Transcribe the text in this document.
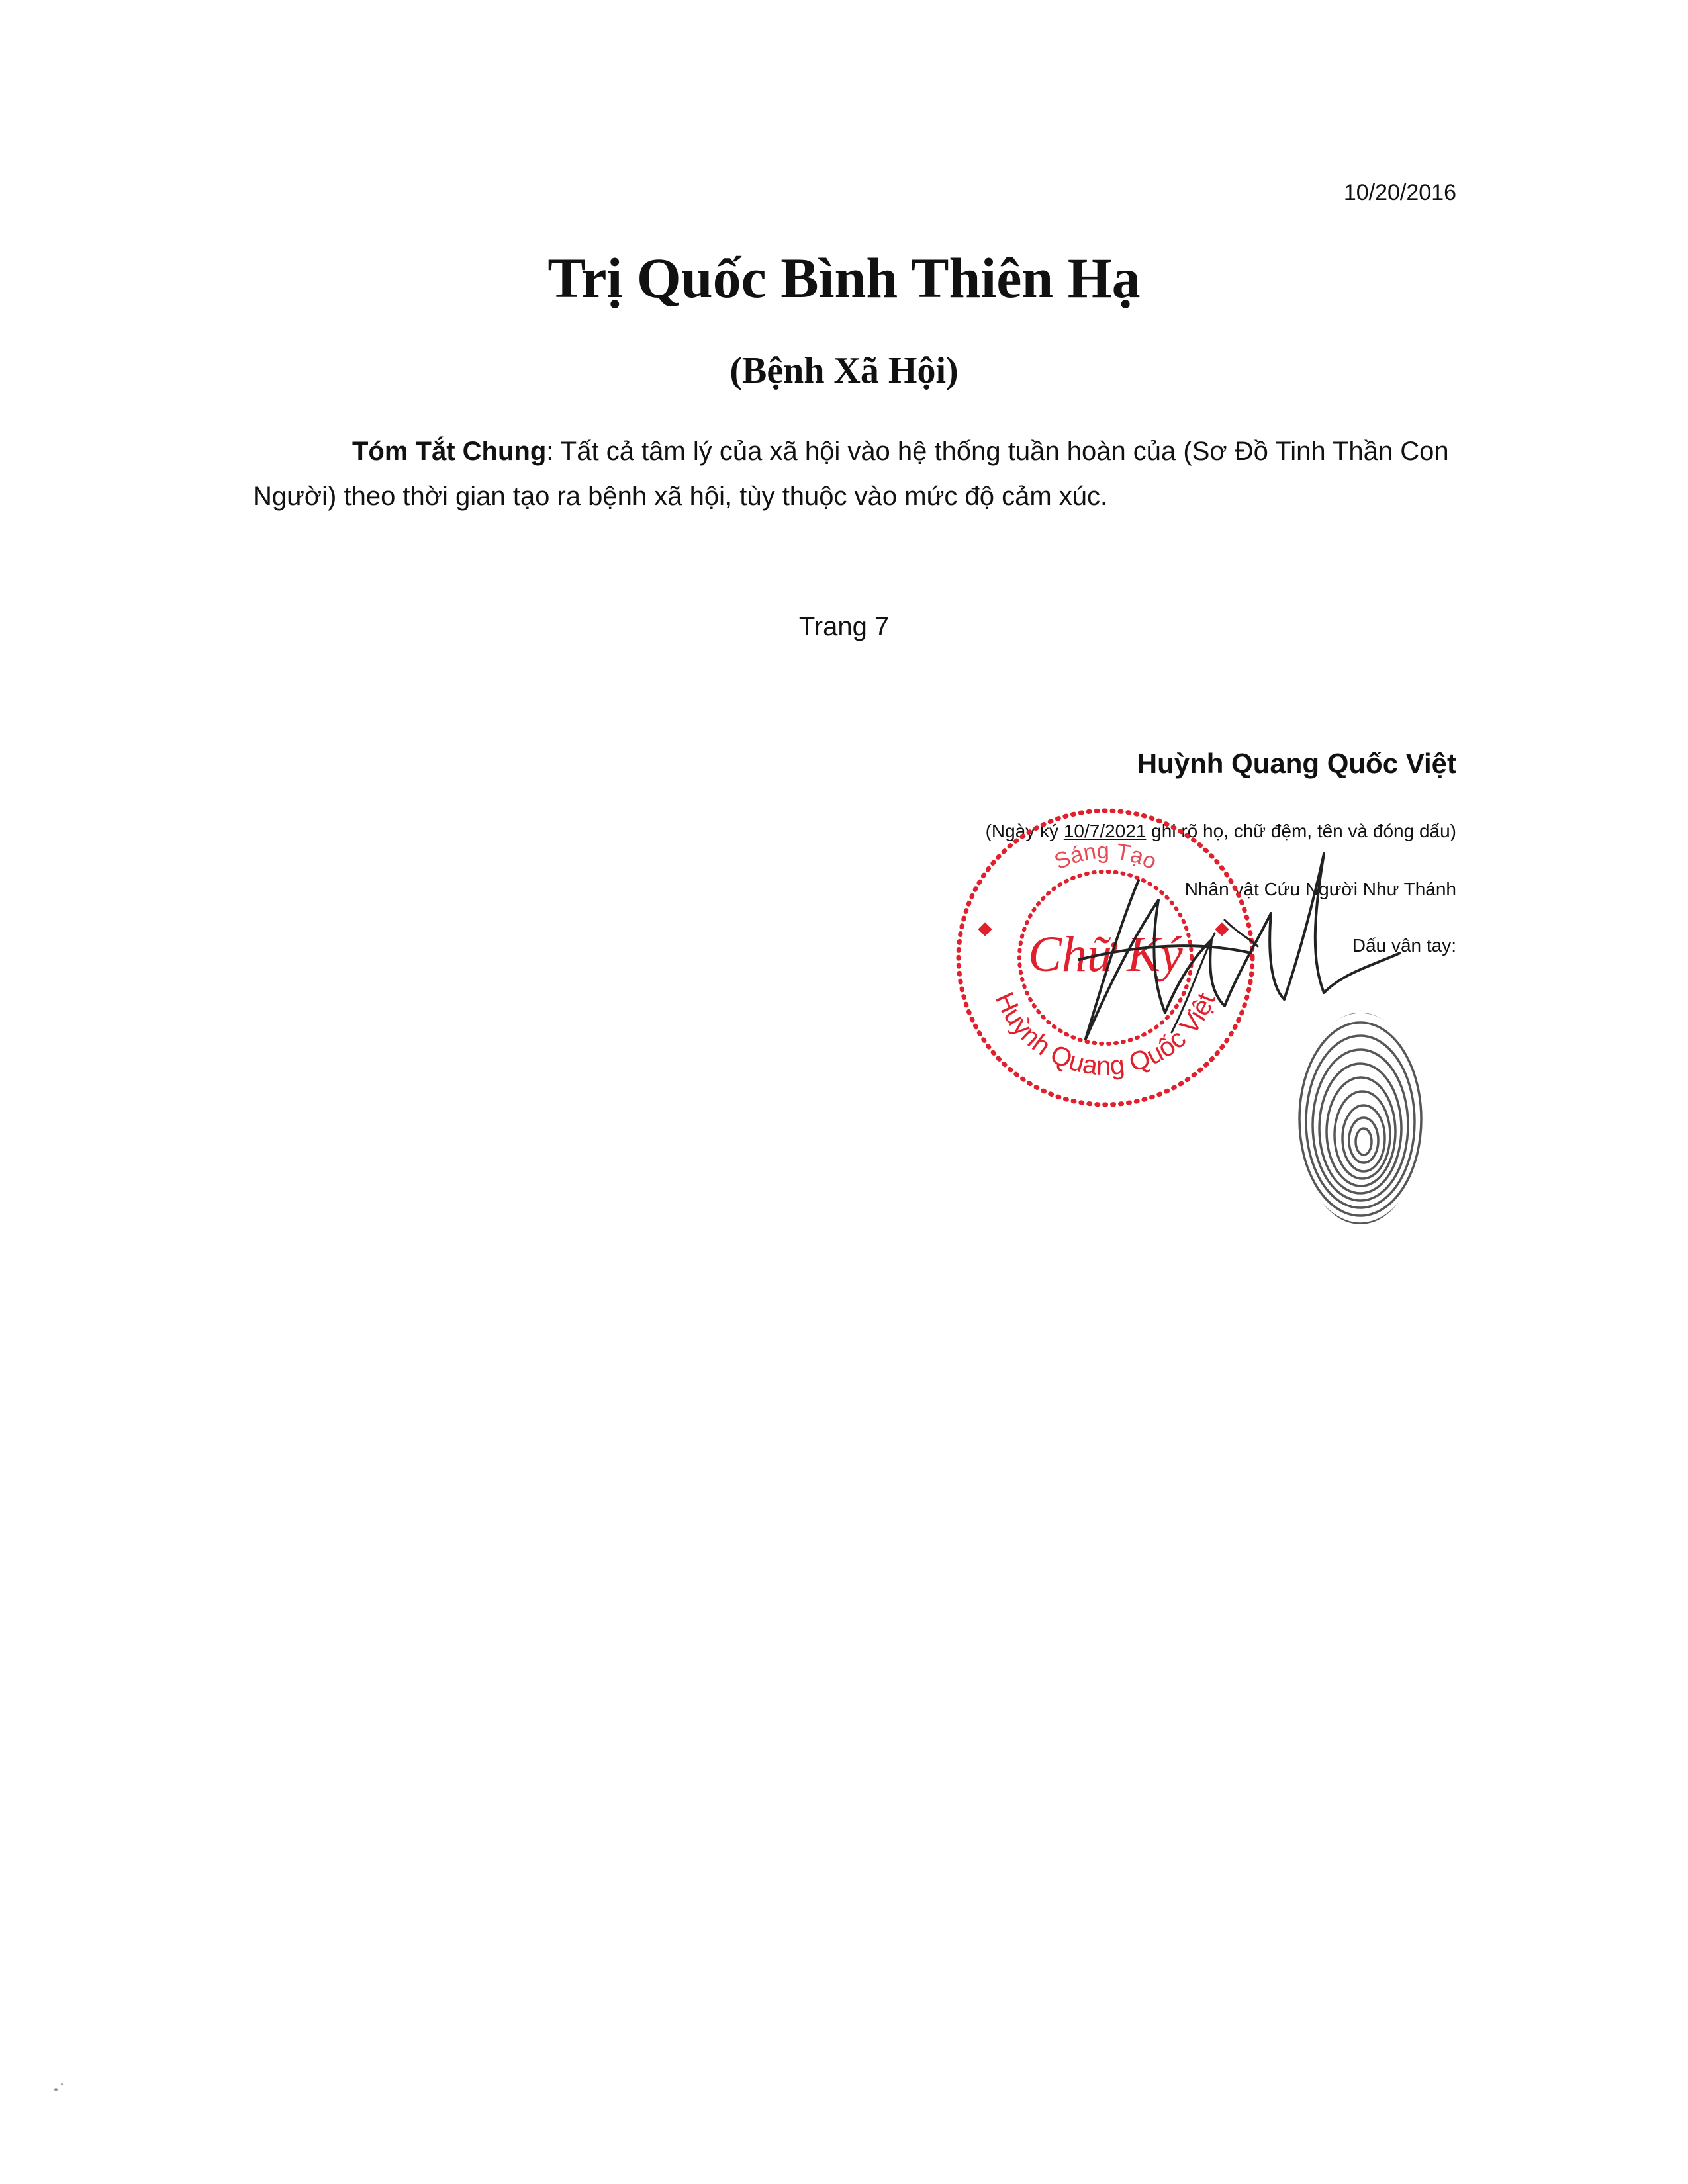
10/20/2016
Trị Quốc Bình Thiên Hạ
(Bệnh Xã Hội)

Tóm Tắt Chung: Tất cả tâm lý của xã hội vào hệ thống tuần hoàn của (Sơ Đồ Tinh Thần Con Người) theo thời gian tạo ra bệnh xã hội, tùy thuộc vào mức độ cảm xúc.

Trang 7
Huỳnh Quang Quốc Việt
(Ngày ký 10/7/2021 ghi rõ họ, chữ đệm, tên và đóng dấu)
Nhân vật Cứu Người Như Thánh
Dấu vân tay:
Sáng Tạo
Chữ Ký
Huỳnh Quang Quốc Việt
